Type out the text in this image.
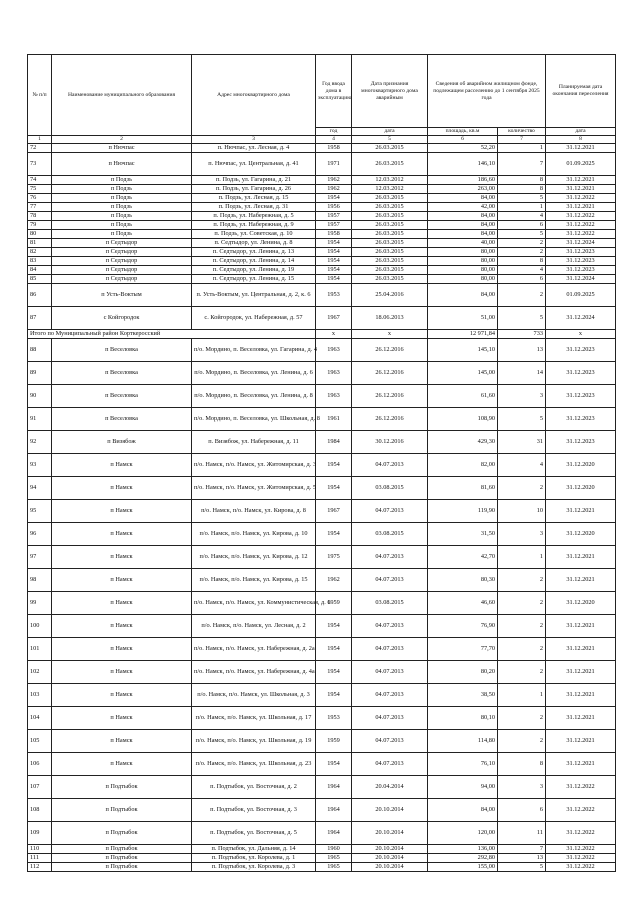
№ п/п	Наименование муниципального образования	Адрес многоквартирного дома	Год ввода дома в эксплуатацию	Дата признания многоквартирного дома аварийным	Сведения об аварийном жилищном фонде, подлежащем расселению до 1 сентября 2025 года		Планируемая дата окончания переселения
			год	дата	площадь, кв.м	количество	дата
1	2	3	4	5	6	7	8
72	п Нючпас	п. Нючпас, ул. Лесная, д. 4	1958	26.03.2015	52,20	1	31.12.2021
73	п Нючпас	п. Нючпас, ул. Центральная, д. 41	1971	26.03.2015	146,10	7	01.09.2025
74	п Подзь	п. Подзь, ул. Гагарина, д. 21	1962	12.03.2012	186,60	8	31.12.2021
75	п Подзь	п. Подзь, ул. Гагарина, д. 26	1962	12.03.2012	263,00	8	31.12.2021
76	п Подзь	п. Подзь, ул. Лесная, д. 15	1954	26.03.2015	84,00	5	31.12.2022
77	п Подзь	п. Подзь, ул. Лесная, д. 31	1956	26.03.2015	42,00	1	31.12.2021
78	п Подзь	п. Подзь, ул. Набережная, д. 5	1957	26.03.2015	84,00	4	31.12.2022
79	п Подзь	п. Подзь, ул. Набережная, д. 9	1957	26.03.2015	84,00	6	31.12.2022
80	п Подзь	п. Подзь, ул. Советская, д. 10	1958	26.03.2015	84,00	5	31.12.2022
81	п Седтыдор	п. Седтыдор, ул. Ленина, д. 8	1954	26.03.2015	40,00	2	31.12.2024
82	п Седтыдор	п. Седтыдор, ул. Ленина, д. 13	1954	26.03.2015	80,00	2	31.12.2023
83	п Седтыдор	п. Седтыдор, ул. Ленина, д. 14	1954	26.03.2015	80,00	8	31.12.2023
84	п Седтыдор	п. Седтыдор, ул. Ленина, д. 19	1954	26.03.2015	80,00	4	31.12.2023
85	п Седтыдор	п. Седтыдор, ул. Ленина, д. 15	1954	26.03.2015	80,00	6	31.12.2024
86	п Усть-Воктым	п. Усть-Воктым, ул. Центральная, д. 2, к. 6	1953	25.04.2016	84,00	2	01.09.2025
87	с Койгородок	с. Койгородок, ул. Набережная, д. 57	1967	18.06.2013	51,00	5	31.12.2024
Итого по Муниципальный район Корткеросский			x	x	12 971,84	733	x
88	п Веселовка	п/о. Мордино, п. Веселовка, ул. Гагарина, д. 4	1963	26.12.2016	145,10	13	31.12.2023
89	п Веселовка	п/о. Мордино, п. Веселовка, ул. Ленина, д. 6	1963	26.12.2016	145,00	14	31.12.2023
90	п Веселовка	п/о. Мордино, п. Веселовка, ул. Ленина, д. 8	1963	26.12.2016	61,60	3	31.12.2023
91	п Веселовка	п/о. Мордино, п. Веселовка, ул. Школьная, д. 8	1961	26.12.2016	108,90	5	31.12.2023
92	п Визябож	п. Визябож, ул. Набережная, д. 11	1984	30.12.2016	429,30	31	31.12.2023
93	п Намск	п/о. Намск, п/о. Намск, ул. Житомирская, д. 3	1954	04.07.2013	82,00	4	31.12.2020
94	п Намск	п/о. Намск, п/о. Намск, ул. Житомирская, д. 5	1954	03.08.2015	81,60	2	31.12.2020
95	п Намск	п/о. Намск, п/о. Намск, ул. Кирова, д. 8	1967	04.07.2013	119,90	10	31.12.2021
96	п Намск	п/о. Намск, п/о. Намск, ул. Кирова, д. 10	1954	03.08.2015	31,50	3	31.12.2020
97	п Намск	п/о. Намск, п/о. Намск, ул. Кирова, д. 12	1975	04.07.2013	42,70	1	31.12.2021
98	п Намск	п/о. Намск, п/о. Намск, ул. Кирова, д. 15	1962	04.07.2013	80,30	2	31.12.2021
99	п Намск	п/о. Намск, п/о. Намск, ул. Коммунистическая, д. 6	1959	03.08.2015	46,60	2	31.12.2020
100	п Намск	п/о. Намск, п/о. Намск, ул. Лесная, д. 2	1954	04.07.2013	76,90	2	31.12.2021
101	п Намск	п/о. Намск, п/о. Намск, ул. Набережная, д. 2а	1954	04.07.2013	77,70	2	31.12.2021
102	п Намск	п/о. Намск, п/о. Намск, ул. Набережная, д. 4а	1954	04.07.2013	80,20	2	31.12.2021
103	п Намск	п/о. Намск, п/о. Намск, ул. Школьная, д. 3	1954	04.07.2013	38,50	1	31.12.2021
104	п Намск	п/о. Намск, п/о. Намск, ул. Школьная, д. 17	1953	04.07.2013	80,10	2	31.12.2021
105	п Намск	п/о. Намск, п/о. Намск, ул. Школьная, д. 19	1959	04.07.2013	114,80	2	31.12.2021
106	п Намск	п/о. Намск, п/о. Намск, ул. Школьная, д. 23	1954	04.07.2013	76,10	8	31.12.2021
107	п Подтыбок	п. Подтыбок, ул. Восточная, д. 2	1964	20.04.2014	94,00	3	31.12.2022
108	п Подтыбок	п. Подтыбок, ул. Восточная, д. 3	1964	20.10.2014	84,00	6	31.12.2022
109	п Подтыбок	п. Подтыбок, ул. Восточная, д. 5	1964	20.10.2014	120,00	11	31.12.2022
110	п Подтыбок	п. Подтыбок, ул. Дальняя, д. 14	1960	20.10.2014	136,00	7	31.12.2022
111	п Подтыбок	п. Подтыбок, ул. Королева, д. 1	1965	20.10.2014	292,80	13	31.12.2022
112	п Подтыбок	п. Подтыбок, ул. Королева, д. 3	1965	20.10.2014	155,00	5	31.12.2022
